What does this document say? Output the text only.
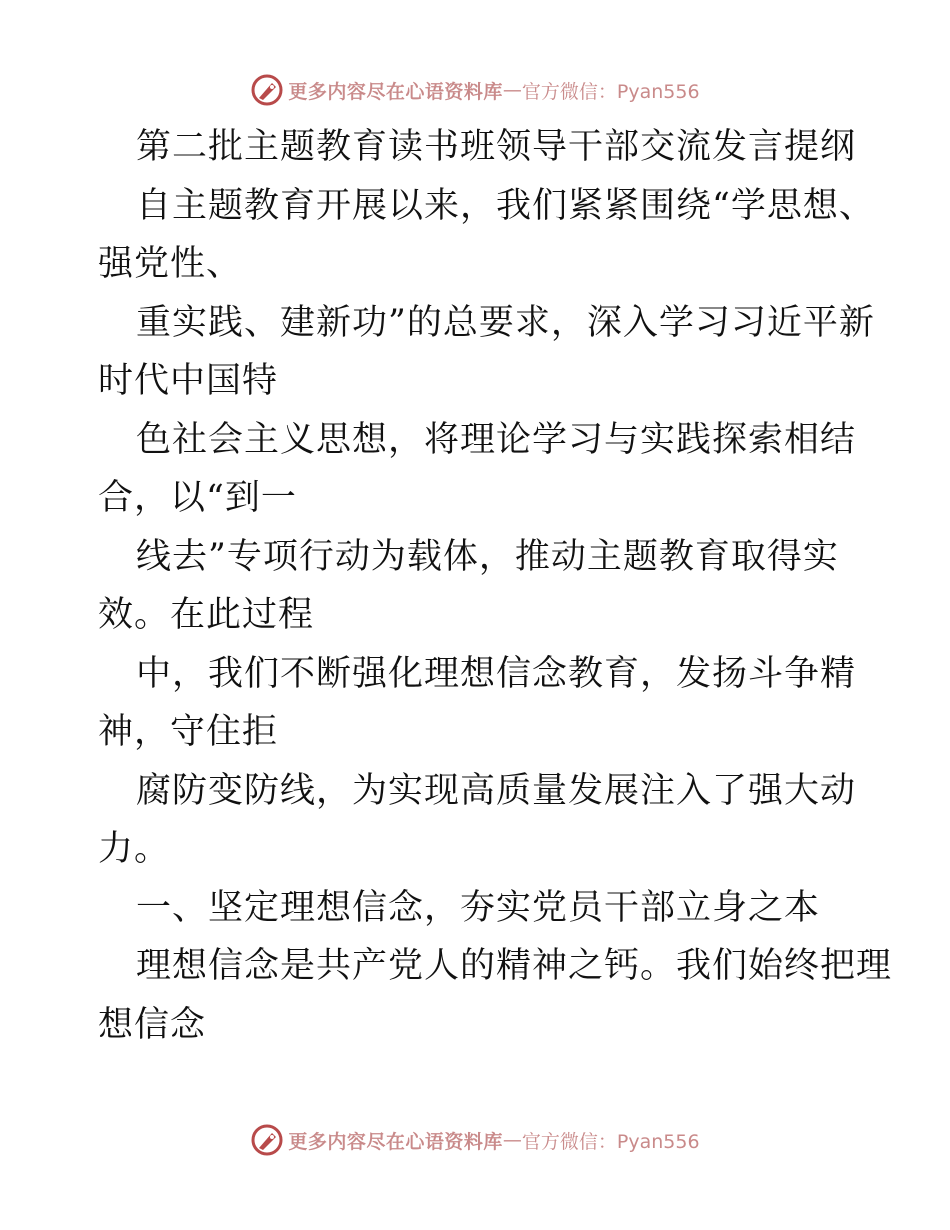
更多内容尽在心语资料库 — 官方微信：Pyan556
第二批主题教育读书班领导干部交流发言提纲
自主题教育开展以来，我们紧紧围绕“学思想、
强党性、
重实践、建新功”的总要求，深入学习习近平新
时代中国特
色社会主义思想，将理论学习与实践探索相结
合，以“到一
线去”专项行动为载体，推动主题教育取得实
效。在此过程
中，我们不断强化理想信念教育，发扬斗争精
神，守住拒
腐防变防线，为实现高质量发展注入了强大动
力。
一、坚定理想信念，夯实党员干部立身之本
理想信念是共产党人的精神之钙。我们始终把理
想信念
更多内容尽在心语资料库 — 官方微信：Pyan556
